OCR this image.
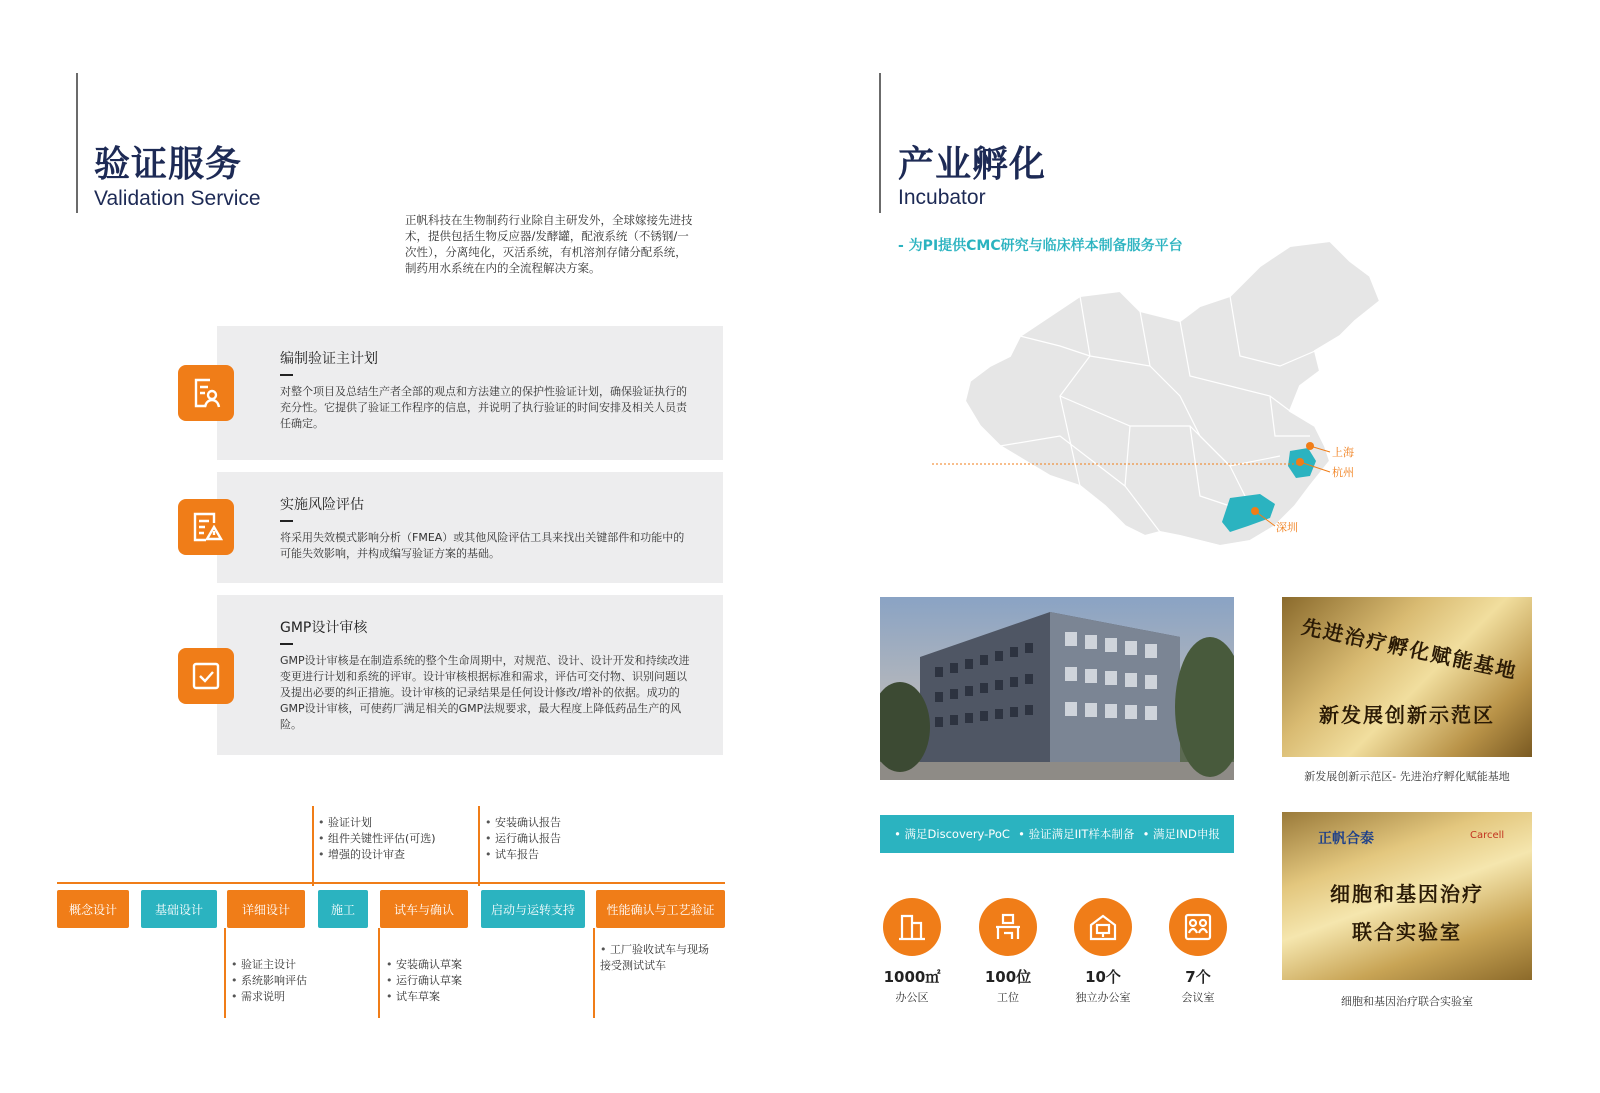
验证服务
Validation Service
正帆科技在生物制药行业除自主研发外，全球嫁接先进技术，提供包括生物反应器/发酵罐，配液系统（不锈钢/一次性），分离纯化，灭活系统，有机溶剂存储分配系统，制药用水系统在内的全流程解决方案。
编制验证主计划
对整个项目及总结生产者全部的观点和方法建立的保护性验证计划，确保验证执行的充分性。它提供了验证工作程序的信息，并说明了执行验证的时间安排及相关人员责任确定。
实施风险评估
将采用失效模式影响分析（FMEA）或其他风险评估工具来找出关键部件和功能中的可能失效影响，并构成编写验证方案的基础。
GMP设计审核
GMP设计审核是在制造系统的整个生命周期中，对规范、设计、设计开发和持续改进变更进行计划和系统的评审。设计审核根据标准和需求，评估可交付物、识别问题以及提出必要的纠正措施。设计审核的记录结果是任何设计修改/增补的依据。成功的GMP设计审核，可使药厂满足相关的GMP法规要求，最大程度上降低药品生产的风险。
概念设计	基础设计	详细设计	施工	试车与确认	启动与运转支持	性能确认与工艺验证
• 验证计划
• 组件关键性评估(可选)
• 增强的设计审查
• 安装确认报告
• 运行确认报告
• 试车报告
• 验证主设计
• 系统影响评估
• 需求说明
• 安装确认草案
• 运行确认草案
• 试车草案
• 工厂验收试车与现场接受测试试车
产业孵化
Incubator
- 为PI提供CMC研究与临床样本制备服务平台
上海
杭州
深圳
先进治疗孵化赋能基地
新发展创新示范区
新发展创新示范区- 先进治疗孵化赋能基地
正帆合泰	Carcell
细胞和基因治疗
联合实验室
细胞和基因治疗联合实验室
• 满足Discovery-PoC • 验证满足IIT样本制备 • 满足IND申报
1000㎡
办公区
100位
工位
10个
独立办公室
7个
会议室
